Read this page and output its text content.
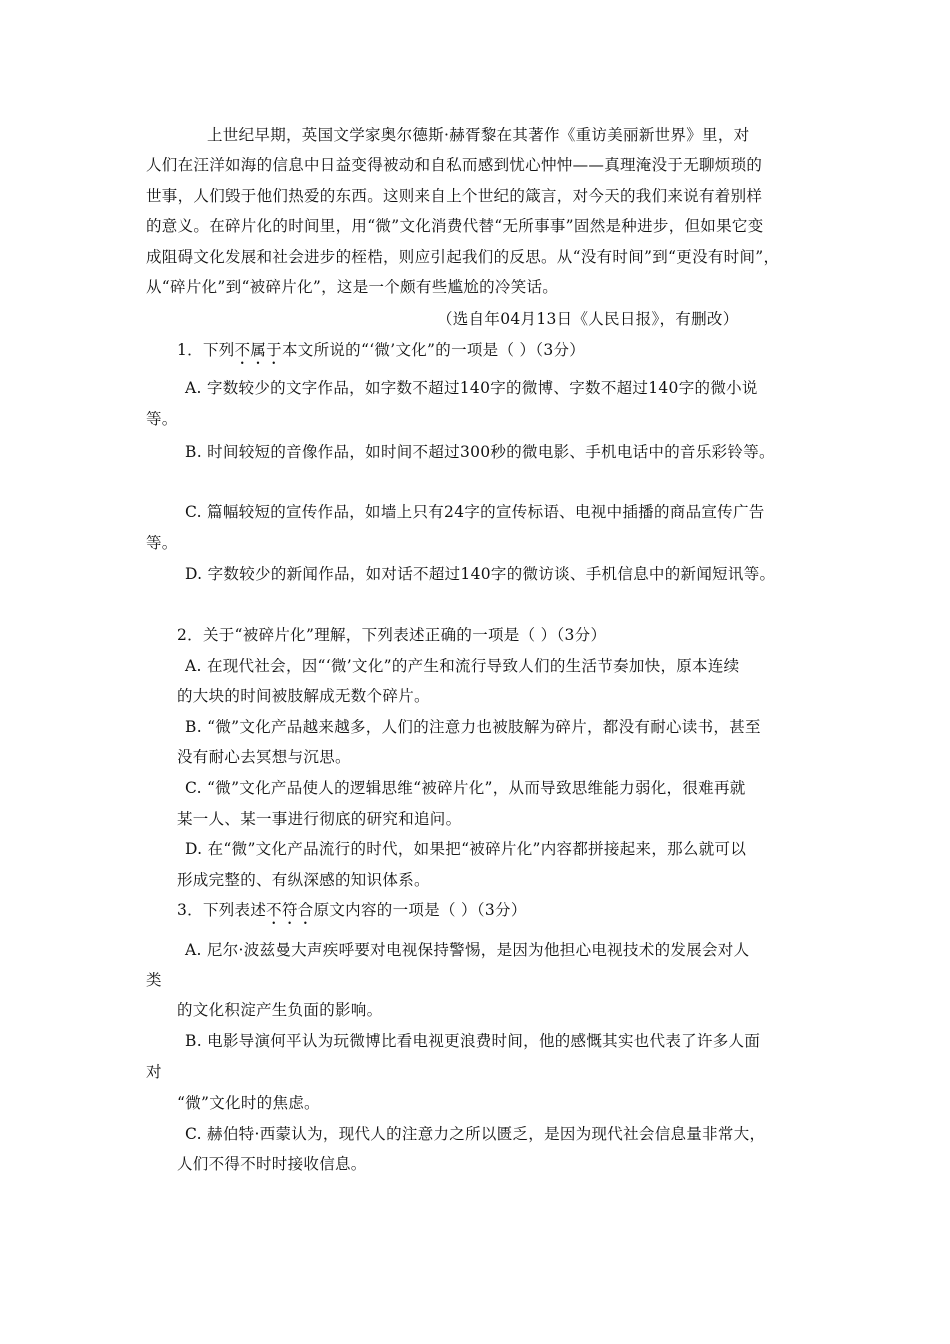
上世纪早期，英国文学家奥尔德斯·赫胥黎在其著作《重访美丽新世界》里，对
人们在汪洋如海的信息中日益变得被动和自私而感到忧心忡忡——真理淹没于无聊烦琐的
世事，人们毁于他们热爱的东西。这则来自上个世纪的箴言，对今天的我们来说有着别样
的意义。在碎片化的时间里，用“微”文化消费代替“无所事事”固然是种进步，但如果它变
成阻碍文化发展和社会进步的桎梏，则应引起我们的反思。从“没有时间”到“更没有时间”，
从“碎片化”到“被碎片化”，这是一个颇有些尴尬的冷笑话。
（选自年04月13日《人民日报》，有删改）
1．下列不属于本文所说的“‘微’文化”的一项是（ ）（3分）
A. 字数较少的文字作品，如字数不超过140字的微博、字数不超过140字的微小说
等。
B. 时间较短的音像作品，如时间不超过300秒的微电影、手机电话中的音乐彩铃等。
C. 篇幅较短的宣传作品，如墙上只有24字的宣传标语、电视中插播的商品宣传广告
等。
D. 字数较少的新闻作品，如对话不超过140字的微访谈、手机信息中的新闻短讯等。
2．关于“被碎片化”理解，下列表述正确的一项是（ ）（3分）
A. 在现代社会，因“‘微’文化”的产生和流行导致人们的生活节奏加快，原本连续
的大块的时间被肢解成无数个碎片。
B. “微”文化产品越来越多，人们的注意力也被肢解为碎片，都没有耐心读书，甚至
没有耐心去冥想与沉思。
C. “微”文化产品使人的逻辑思维“被碎片化”，从而导致思维能力弱化，很难再就
某一人、某一事进行彻底的研究和追问。
D. 在“微”文化产品流行的时代，如果把“被碎片化”内容都拼接起来，那么就可以
形成完整的、有纵深感的知识体系。
3．下列表述不符合原文内容的一项是（ ）（3分）
A. 尼尔·波兹曼大声疾呼要对电视保持警惕，是因为他担心电视技术的发展会对人
类
的文化积淀产生负面的影响。
B. 电影导演何平认为玩微博比看电视更浪费时间，他的感慨其实也代表了许多人面
对
“微”文化时的焦虑。
C. 赫伯特·西蒙认为，现代人的注意力之所以匮乏，是因为现代社会信息量非常大，
人们不得不时时接收信息。
